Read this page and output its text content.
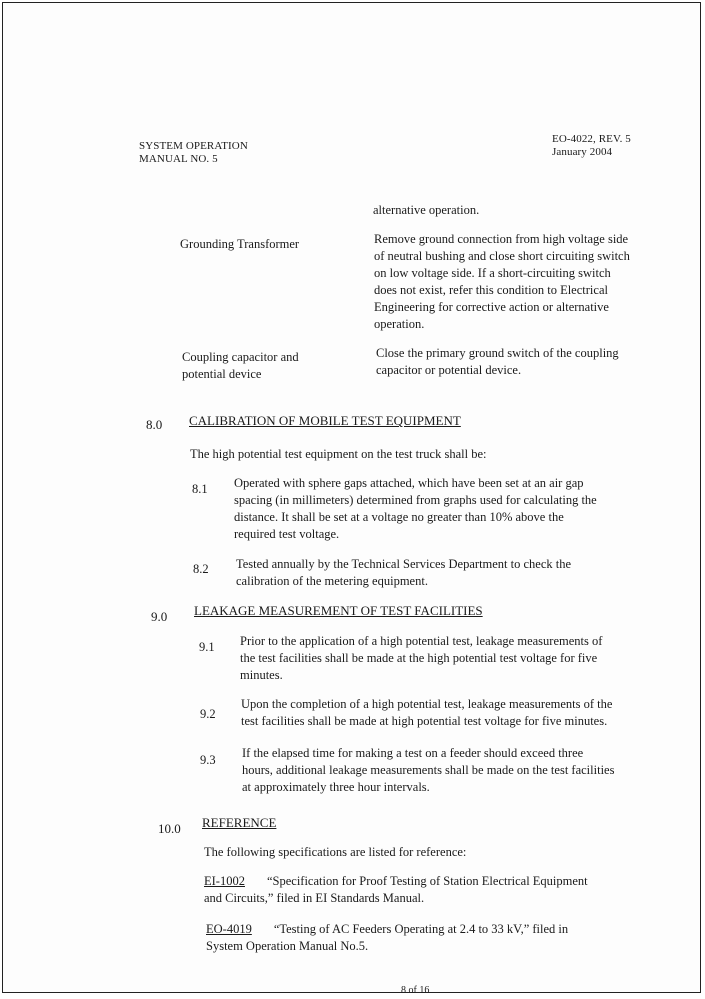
SYSTEM OPERATION
MANUAL NO. 5
EO-4022, REV. 5
January 2004
alternative operation.
Grounding Transformer	Remove ground connection from high voltage side
of neutral bushing and close short circuiting switch
on low voltage side. If a short-circuiting switch
does not exist, refer this condition to Electrical
Engineering for corrective action or alternative
operation.
Coupling capacitor and
potential device
Close the primary ground switch of the coupling
capacitor or potential device.
8.0 CALIBRATION OF MOBILE TEST EQUIPMENT
The high potential test equipment on the test truck shall be:
8.1 Operated with sphere gaps attached, which have been set at an air gap
spacing (in millimeters) determined from graphs used for calculating the
distance. It shall be set at a voltage no greater than 10% above the
required test voltage.
8.2 Tested annually by the Technical Services Department to check the
calibration of the metering equipment.
9.0 LEAKAGE MEASUREMENT OF TEST FACILITIES
9.1 Prior to the application of a high potential test, leakage measurements of
the test facilities shall be made at the high potential test voltage for five
minutes.
9.2
Upon the completion of a high potential test, leakage measurements of the
test facilities shall be made at high potential test voltage for five minutes.
9.3 If the elapsed time for making a test on a feeder should exceed three
hours, additional leakage measurements shall be made on the test facilities
at approximately three hour intervals.
10.0 REFERENCE
The following specifications are listed for reference:
EI-1002 “Specification for Proof Testing of Station Electrical Equipment
and Circuits,” filed in EI Standards Manual.
EO-4019 “Testing of AC Feeders Operating at 2.4 to 33 kV,” filed in
System Operation Manual No.5.
8 of 16
